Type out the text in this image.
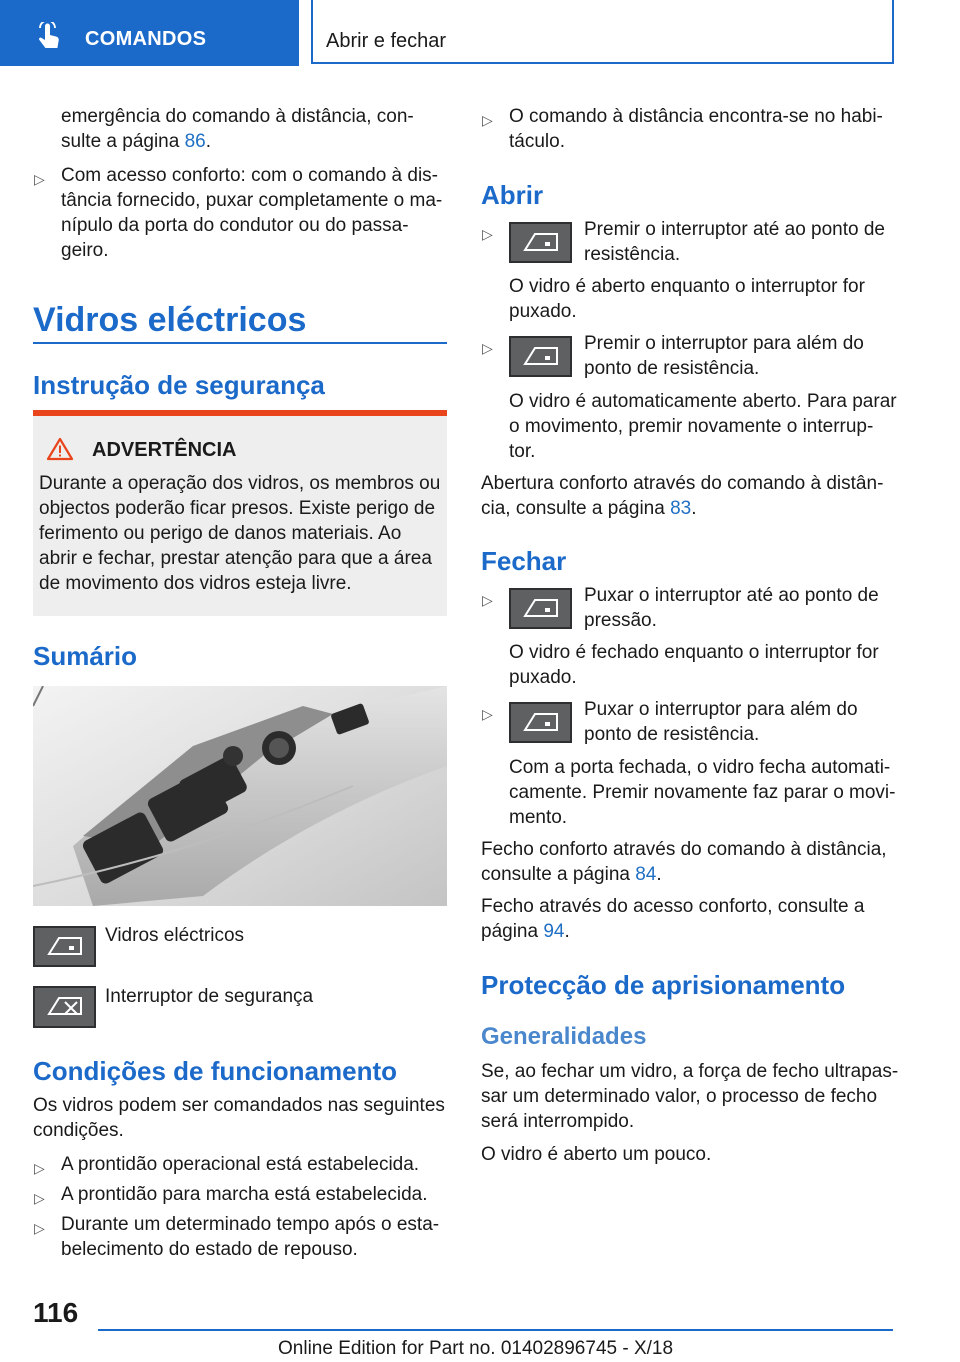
COMANDOS	Abrir e fechar
emergência do comando à distância, con-
sulte a página 86.
▷ Com acesso conforto: com o comando à dis-
tância fornecido, puxar completamente o ma-
nípulo da porta do condutor ou do passa-
geiro.
Vidros eléctricos
Instrução de segurança
ADVERTÊNCIA
Durante a operação dos vidros, os membros ou
objectos poderão ficar presos. Existe perigo de
ferimento ou perigo de danos materiais. Ao
abrir e fechar, prestar atenção para que a área
de movimento dos vidros esteja livre.
Sumário
Vidros eléctricos
Interruptor de segurança
Condições de funcionamento
Os vidros podem ser comandados nas seguintes
condições.
▷ A prontidão operacional está estabelecida.
▷ A prontidão para marcha está estabelecida.
▷ Durante um determinado tempo após o esta-
belecimento do estado de repouso.
▷ O comando à distância encontra-se no habi-
táculo.
Abrir
▷	Premir o interruptor até ao ponto de
resistência.
O vidro é aberto enquanto o interruptor for
puxado.
▷	Premir o interruptor para além do
ponto de resistência.
O vidro é automaticamente aberto. Para parar
o movimento, premir novamente o interrup-
tor.
Abertura conforto através do comando à distân-
cia, consulte a página 83.
Fechar
▷	Puxar o interruptor até ao ponto de
pressão.
O vidro é fechado enquanto o interruptor for
puxado.
▷	Puxar o interruptor para além do
ponto de resistência.
Com a porta fechada, o vidro fecha automati-
camente. Premir novamente faz parar o movi-
mento.
Fecho conforto através do comando à distância,
consulte a página 84.
Fecho através do acesso conforto, consulte a
página 94.
Protecção de aprisionamento
Generalidades
Se, ao fechar um vidro, a força de fecho ultrapas-
sar um determinado valor, o processo de fecho
será interrompido.
O vidro é aberto um pouco.
116
Online Edition for Part no. 01402896745 - X/18
